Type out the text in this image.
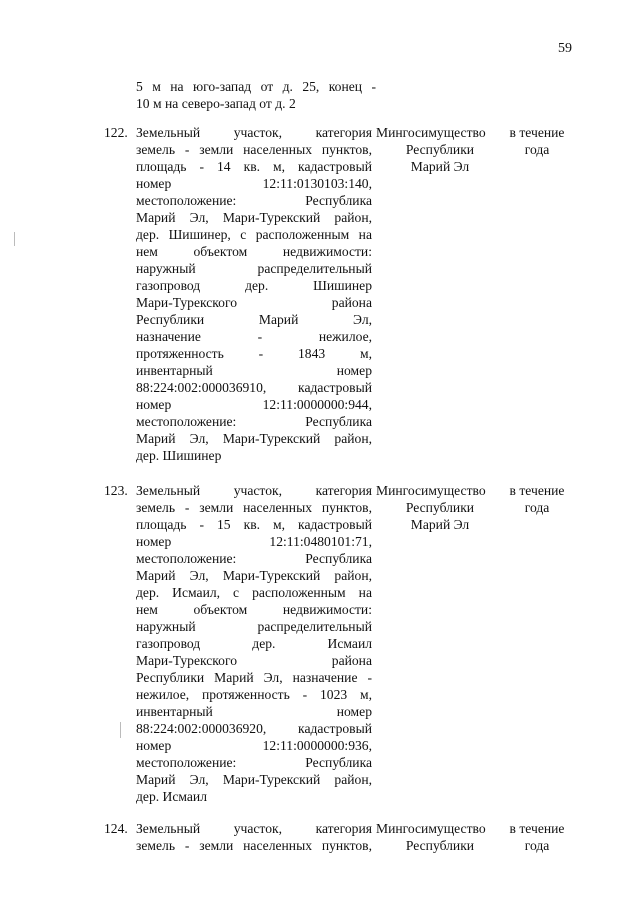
59
5 м на юго-запад от д. 25, конец -
10 м на северо-запад от д. 2
122. Земельный участок, категория
земель - земли населенных пунктов,
площадь - 14 кв. м, кадастровый
номер 12:11:0130103:140,
местоположение: Республика
Марий Эл, Мари-Турекский район,
дер. Шишинер, с расположенным на
нем объектом недвижимости:
наружный распределительный
газопровод дер. Шишинер
Мари-Турекского района
Республики Марий Эл,
назначение - нежилое,
протяженность - 1843 м,
инвентарный номер
88:224:002:000036910, кадастровый
номер 12:11:0000000:944,
местоположение: Республика
Марий Эл, Мари-Турекский район,
дер. Шишинер
Мингосимущество
Республики
Марий Эл
в течение
года
123. Земельный участок, категория
земель - земли населенных пунктов,
площадь - 15 кв. м, кадастровый
номер 12:11:0480101:71,
местоположение: Республика
Марий Эл, Мари-Турекский район,
дер. Исмаил, с расположенным на
нем объектом недвижимости:
наружный распределительный
газопровод дер. Исмаил
Мари-Турекского района
Республики Марий Эл, назначение -
нежилое, протяженность - 1023 м,
инвентарный номер
88:224:002:000036920, кадастровый
номер 12:11:0000000:936,
местоположение: Республика
Марий Эл, Мари-Турекский район,
дер. Исмаил
Мингосимущество
Республики
Марий Эл
в течение
года
124. Земельный участок, категория
земель - земли населенных пунктов,
Мингосимущество
Республики
в течение
года
